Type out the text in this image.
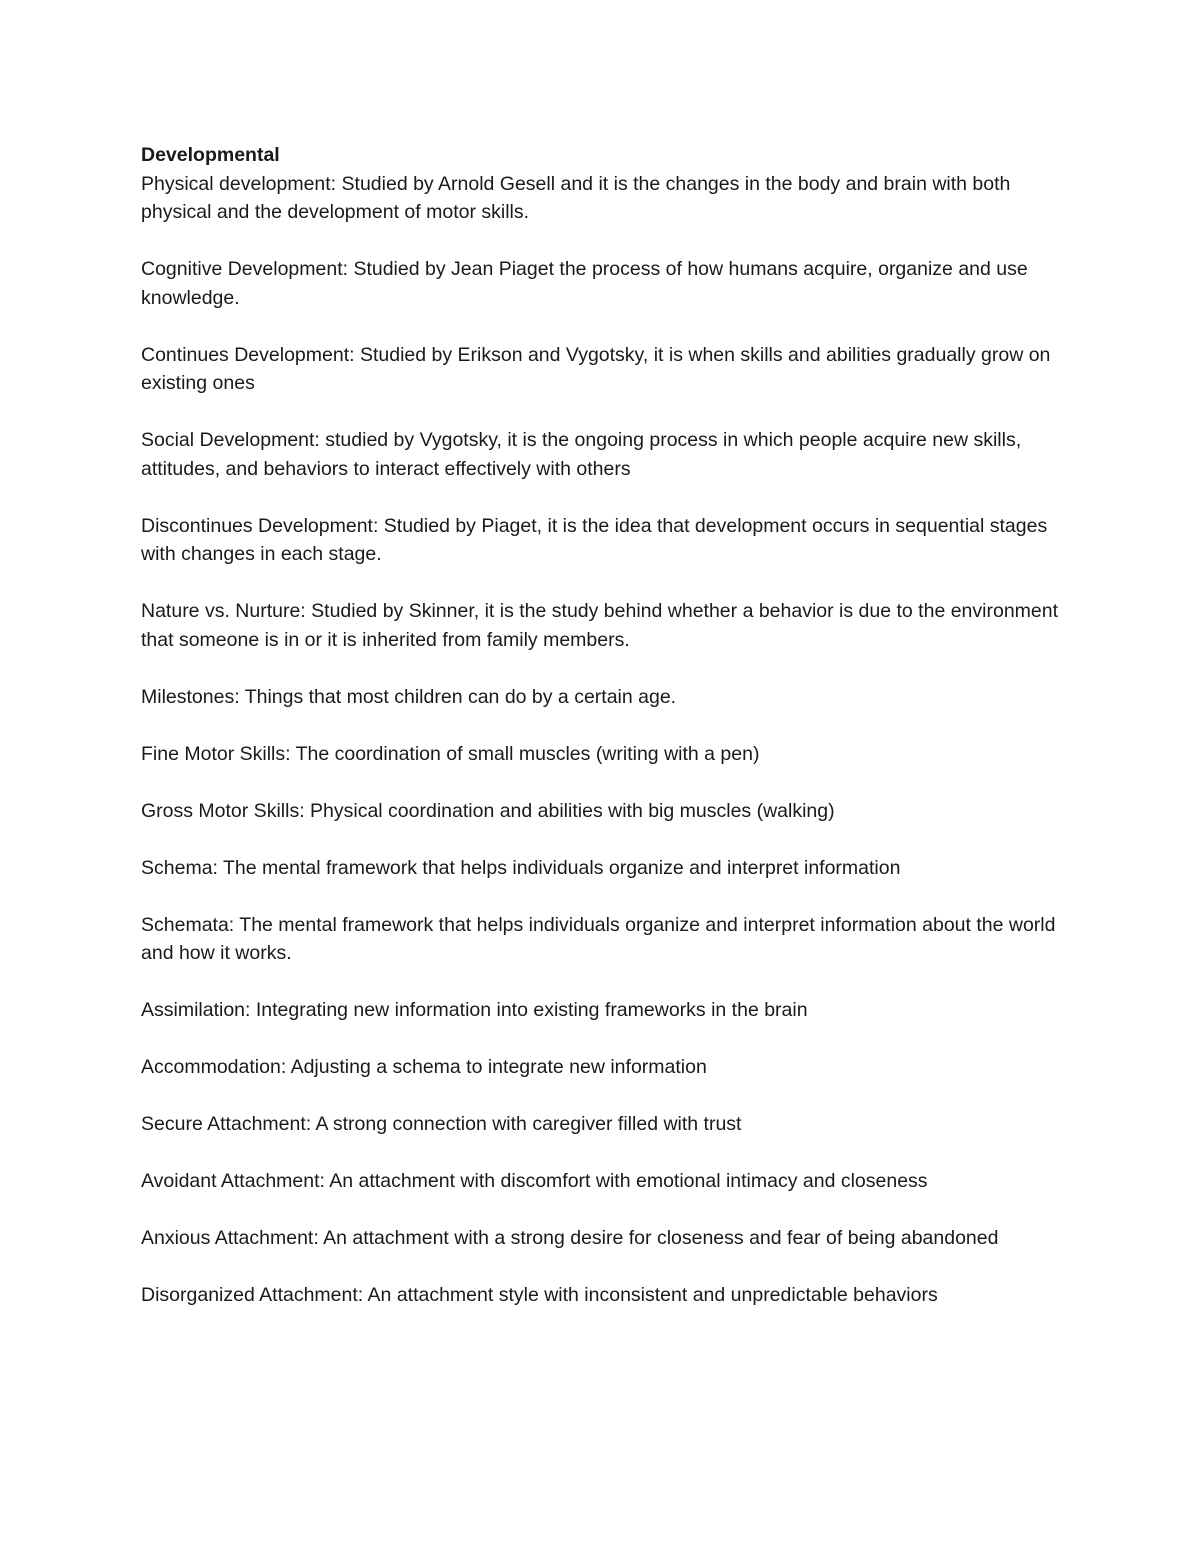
Developmental

Physical development: Studied by Arnold Gesell and it is the changes in the body and brain with both physical and the development of motor skills.

Cognitive Development: Studied by Jean Piaget the process of how humans acquire, organize and use knowledge.

Continues Development: Studied by Erikson and Vygotsky, it is when skills and abilities gradually grow on existing ones

Social Development: studied by Vygotsky, it is the ongoing process in which people acquire new skills, attitudes, and behaviors to interact effectively with others

Discontinues Development: Studied by Piaget, it is the idea that development occurs in sequential stages with changes in each stage.

Nature vs. Nurture: Studied by Skinner, it is the study behind whether a behavior is due to the environment that someone is in or it is inherited from family members.

Milestones: Things that most children can do by a certain age.

Fine Motor Skills: The coordination of small muscles (writing with a pen)

Gross Motor Skills: Physical coordination and abilities with big muscles (walking)

Schema: The mental framework that helps individuals organize and interpret information

Schemata: The mental framework that helps individuals organize and interpret information about the world and how it works.

Assimilation: Integrating new information into existing frameworks in the brain

Accommodation: Adjusting a schema to integrate new information

Secure Attachment: A strong connection with caregiver filled with trust

Avoidant Attachment: An attachment with discomfort with emotional intimacy and closeness

Anxious Attachment: An attachment with a strong desire for closeness and fear of being abandoned

Disorganized Attachment: An attachment style with inconsistent and unpredictable behaviors
